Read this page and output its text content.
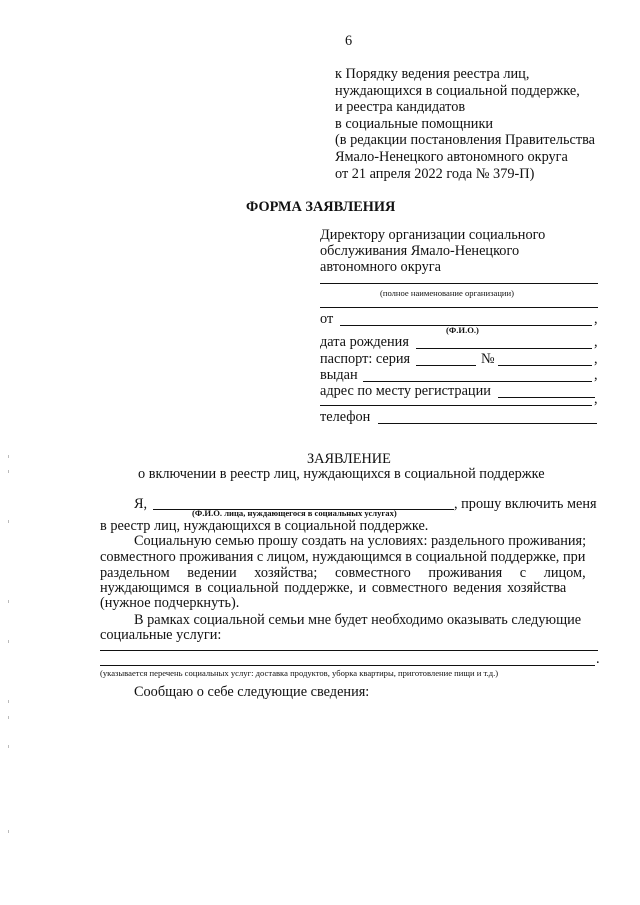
6
к Порядку ведения реестра лиц,
нуждающихся в социальной поддержке,
и реестра кандидатов
в социальные помощники
(в редакции постановления Правительства
Ямало-Ненецкого автономного округа
от 21 апреля 2022 года № 379-П)
ФОРМА ЗАЯВЛЕНИЯ
Директору организации социального
обслуживания Ямало-Ненецкого
автономного округа
(полное наименование организации)
от	,
(Ф.И.О.)
дата рождения	,
паспорт: серия	№	,
выдан	,
адрес по месту регистрации	,
телефон
ЗАЯВЛЕНИЕ
о включении в реестр лиц, нуждающихся в социальной поддержке
Я,	, прошу включить меня
(Ф.И.О. лица, нуждающегося в социальных услугах)
в реестр лиц, нуждающихся в социальной поддержке.
Социальную семью прошу создать на условиях: раздельного проживания;
совместного проживания с лицом, нуждающимся в социальной поддержке, при
раздельном ведении хозяйства; совместного проживания с лицом,
нуждающимся в социальной поддержке, и совместного ведения хозяйства
(нужное подчеркнуть).
В рамках социальной семьи мне будет необходимо оказывать следующие
социальные услуги:
.
(указывается перечень социальных услуг: доставка продуктов, уборка квартиры, приготовление пищи и т.д.)
Сообщаю о себе следующие сведения:
